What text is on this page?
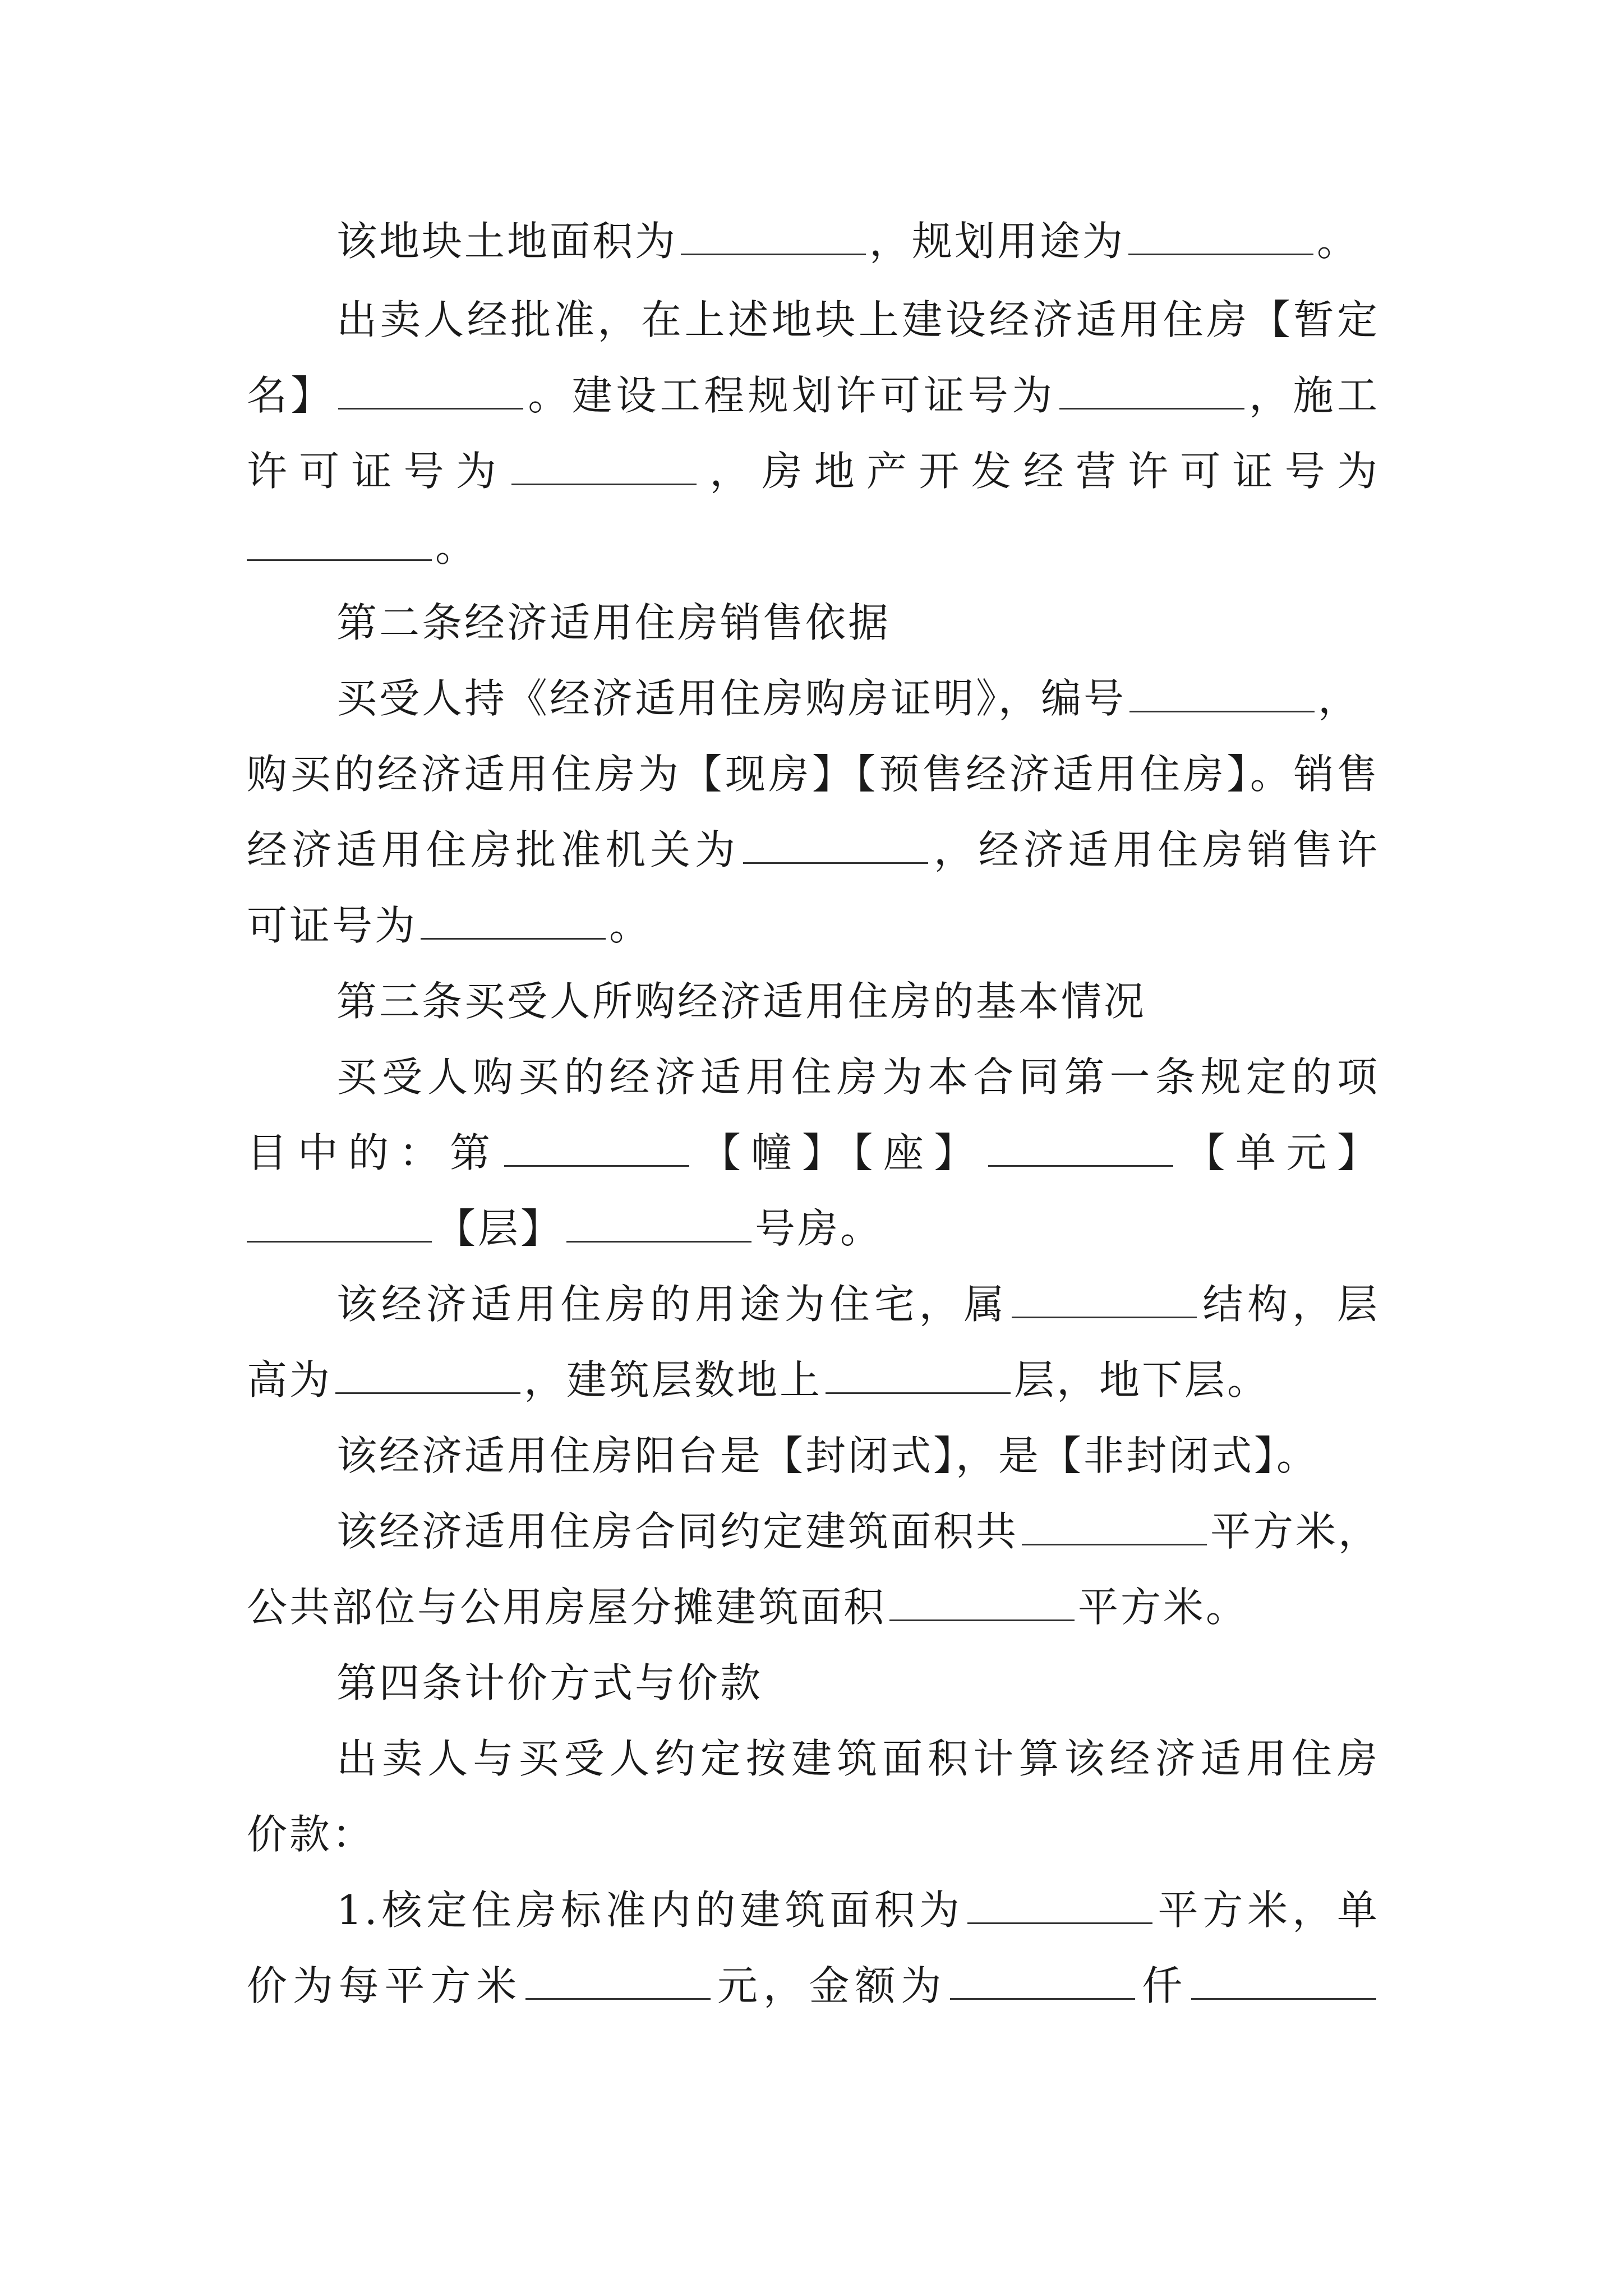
该地块土地面积为	，规划用途为	。
出卖人经批准，在上述地块上建设经济适用住房【暂定
名】	。建设工程规划许可证号为	，施工
许可证号为	，房地产开发经营许可证号为
。
第二条经济适用住房销售依据
买受人持《经济适用住房购房证明》，编号	，
购买的经济适用住房为【现房】【预售经济适用住房】。销售
经济适用住房批准机关为	，经济适用住房销售许
可证号为	。
第三条买受人所购经济适用住房的基本情况
买受人购买的经济适用住房为本合同第一条规定的项
目中的：第	【幢】【座】	【单元】
【层】	号房。
该经济适用住房的用途为住宅，属	结构，层
高为	，建筑层数地上	层，地下层。
该经济适用住房阳台是【封闭式】，是【非封闭式】。
该经济适用住房合同约定建筑面积共	平方米，
公共部位与公用房屋分摊建筑面积	平方米。
第四条计价方式与价款
出卖人与买受人约定按建筑面积计算该经济适用住房
价款：
1.核定住房标准内的建筑面积为	平方米，单
价为每平方米	元，金额为	仟
